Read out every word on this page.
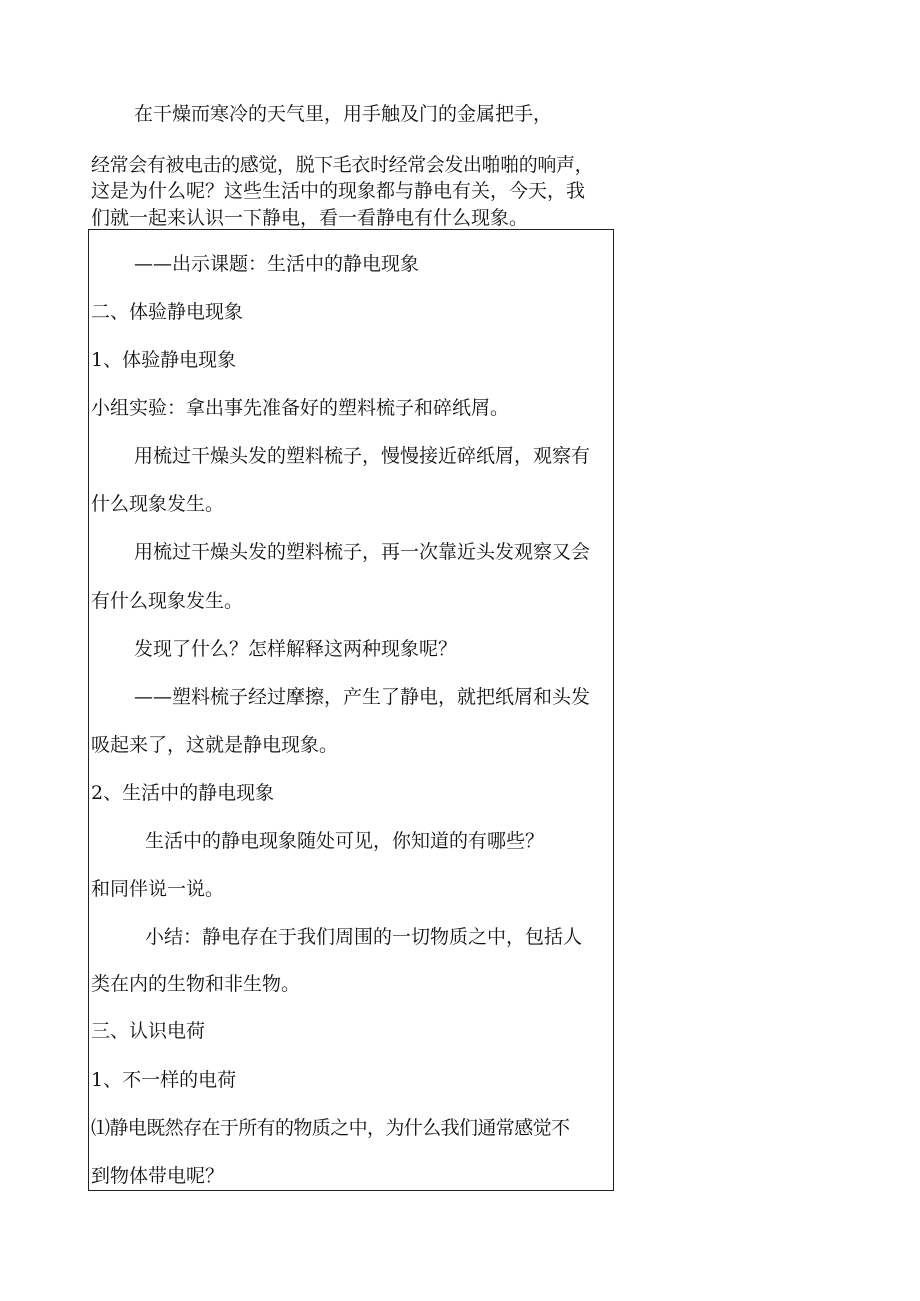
在干燥而寒冷的天气里，用手触及门的金属把手，

经常会有被电击的感觉，脱下毛衣时经常会发出啪啪的响声，

这是为什么呢？这些生活中的现象都与静电有关，今天，我

们就一起来认识一下静电，看一看静电有什么现象。

——出示课题：生活中的静电现象

二、体验静电现象

1、体验静电现象

小组实验：拿出事先准备好的塑料梳子和碎纸屑。

用梳过干燥头发的塑料梳子，慢慢接近碎纸屑，观察有

什么现象发生。

用梳过干燥头发的塑料梳子，再一次靠近头发观察又会

有什么现象发生。

发现了什么？怎样解释这两种现象呢？

——塑料梳子经过摩擦，产生了静电，就把纸屑和头发

吸起来了，这就是静电现象。

2、生活中的静电现象

生活中的静电现象随处可见，你知道的有哪些？

和同伴说一说。

小结：静电存在于我们周围的一切物质之中，包括人

类在内的生物和非生物。

三、认识电荷

1、不一样的电荷

⑴静电既然存在于所有的物质之中，为什么我们通常感觉不

到物体带电呢？
